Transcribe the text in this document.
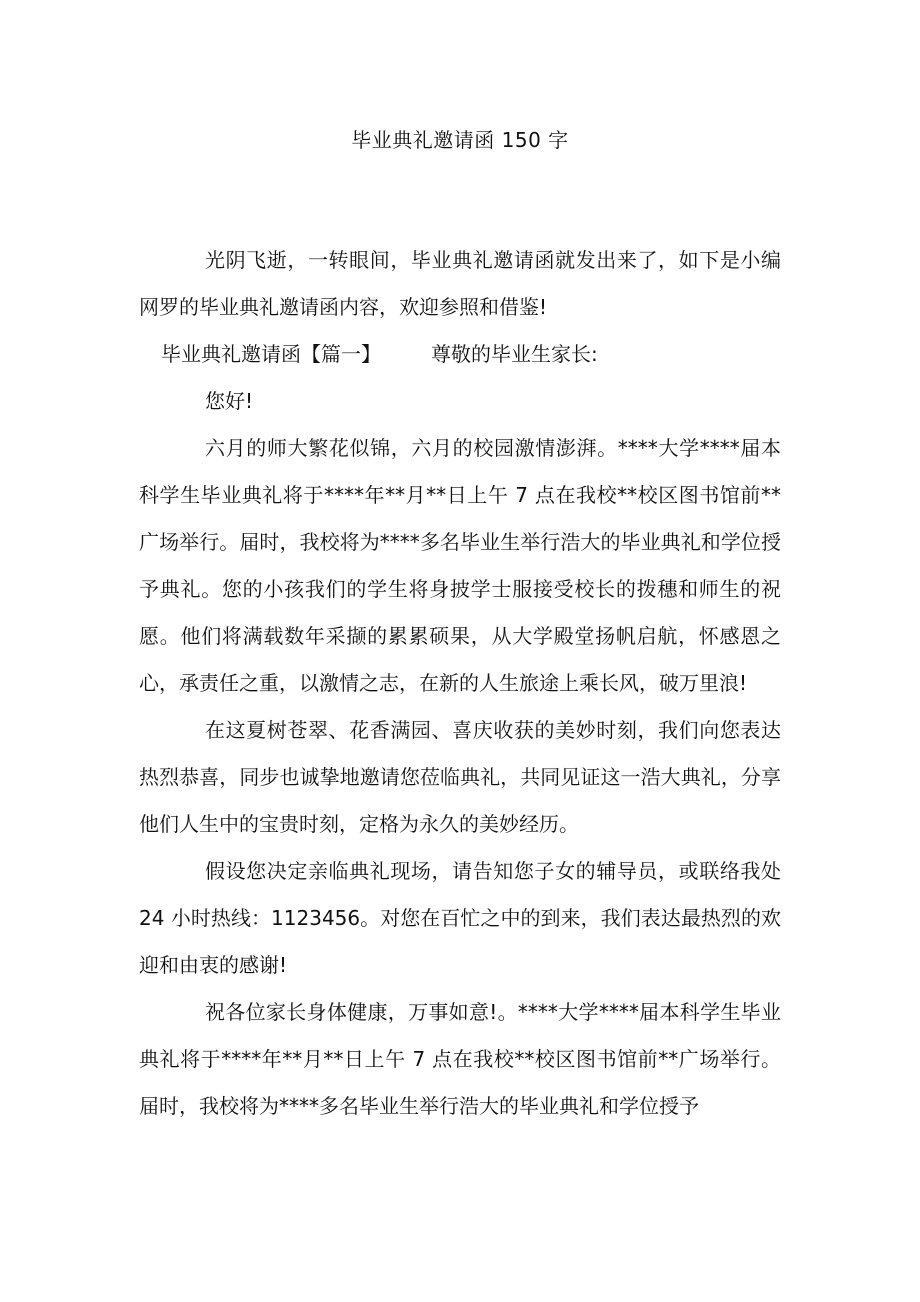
毕业典礼邀请函 150 字

光阴飞逝，一转眼间，毕业典礼邀请函就发出来了，如下是小编网罗的毕业典礼邀请函内容，欢迎参照和借鉴!

毕业典礼邀请函【篇一】	尊敬的毕业生家长:

您好!

六月的师大繁花似锦，六月的校园激情澎湃。****大学****届本科学生毕业典礼将于****年**月**日上午 7 点在我校**校区图书馆前**广场举行。届时，我校将为****多名毕业生举行浩大的毕业典礼和学位授予典礼。您的小孩我们的学生将身披学士服接受校长的拨穗和师生的祝愿。他们将满载数年采撷的累累硕果，从大学殿堂扬帆启航，怀感恩之心，承责任之重，以激情之志，在新的人生旅途上乘长风，破万里浪!

在这夏树苍翠、花香满园、喜庆收获的美妙时刻，我们向您表达热烈恭喜，同步也诚挚地邀请您莅临典礼，共同见证这一浩大典礼，分享他们人生中的宝贵时刻，定格为永久的美妙经历。

假设您决定亲临典礼现场，请告知您子女的辅导员，或联络我处 24 小时热线：1123456。对您在百忙之中的到来，我们表达最热烈的欢迎和由衷的感谢!

祝各位家长身体健康，万事如意!。****大学****届本科学生毕业典礼将于****年**月**日上午 7 点在我校**校区图书馆前**广场举行。届时，我校将为****多名毕业生举行浩大的毕业典礼和学位授予
